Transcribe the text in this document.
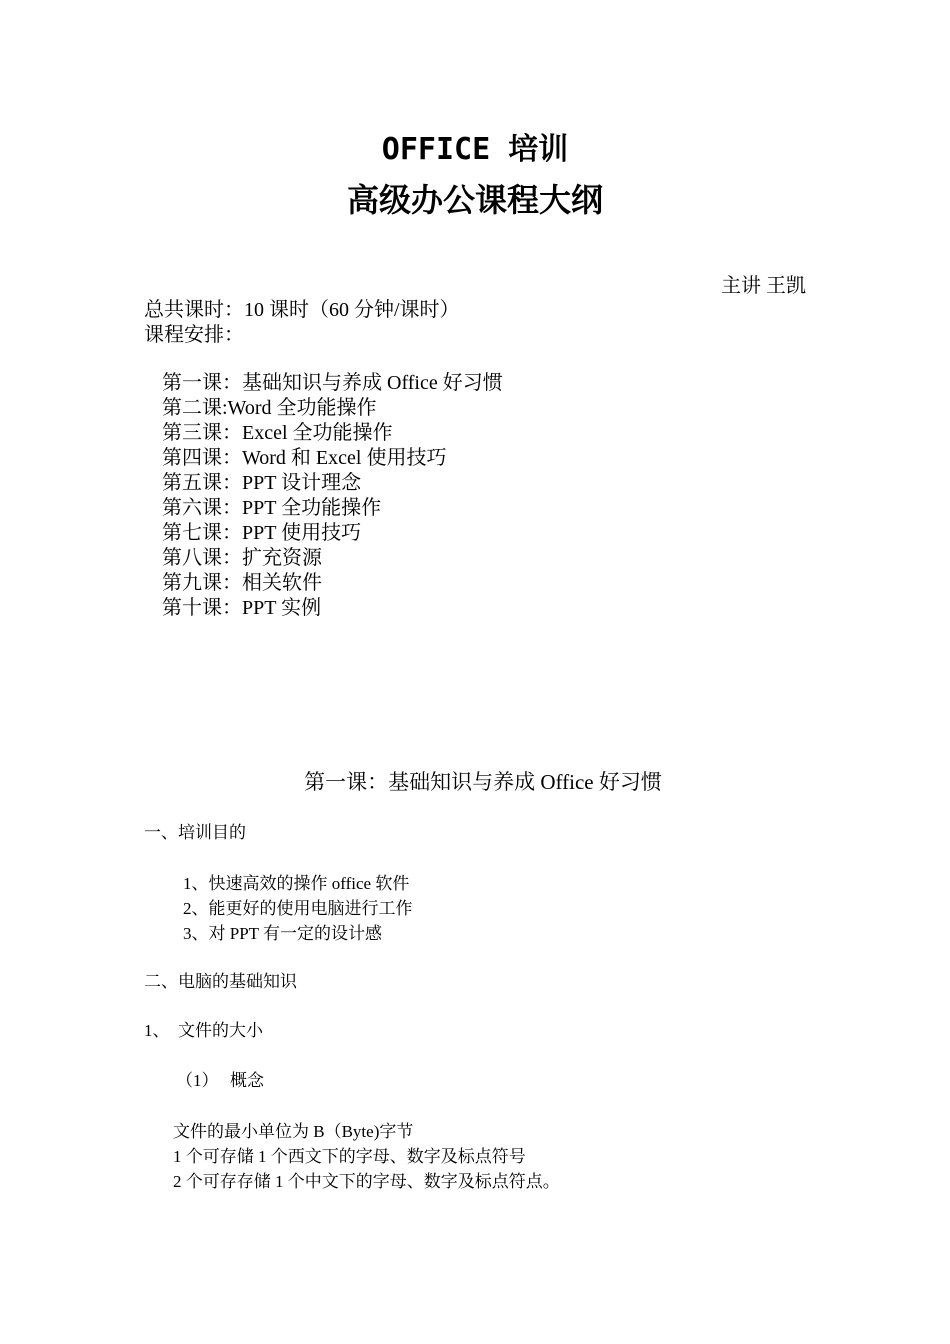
OFFICE 培训
高级办公课程大纲
主讲 王凯
总共课时：10 课时（60 分钟/课时）
课程安排：
第一课：基础知识与养成 Office 好习惯
第二课:Word 全功能操作
第三课：Excel 全功能操作
第四课：Word 和 Excel 使用技巧
第五课：PPT 设计理念
第六课：PPT 全功能操作
第七课：PPT 使用技巧
第八课：扩充资源
第九课：相关软件
第十课：PPT 实例
第一课：基础知识与养成 Office 好习惯
一、培训目的
1、快速高效的操作 office 软件
2、能更好的使用电脑进行工作
3、对 PPT 有一定的设计感
二、电脑的基础知识
1、 文件的大小
（1） 概念
文件的最小单位为 B（Byte)字节
1 个可存储 1 个西文下的字母、数字及标点符号
2 个可存存储 1 个中文下的字母、数字及标点符点。
